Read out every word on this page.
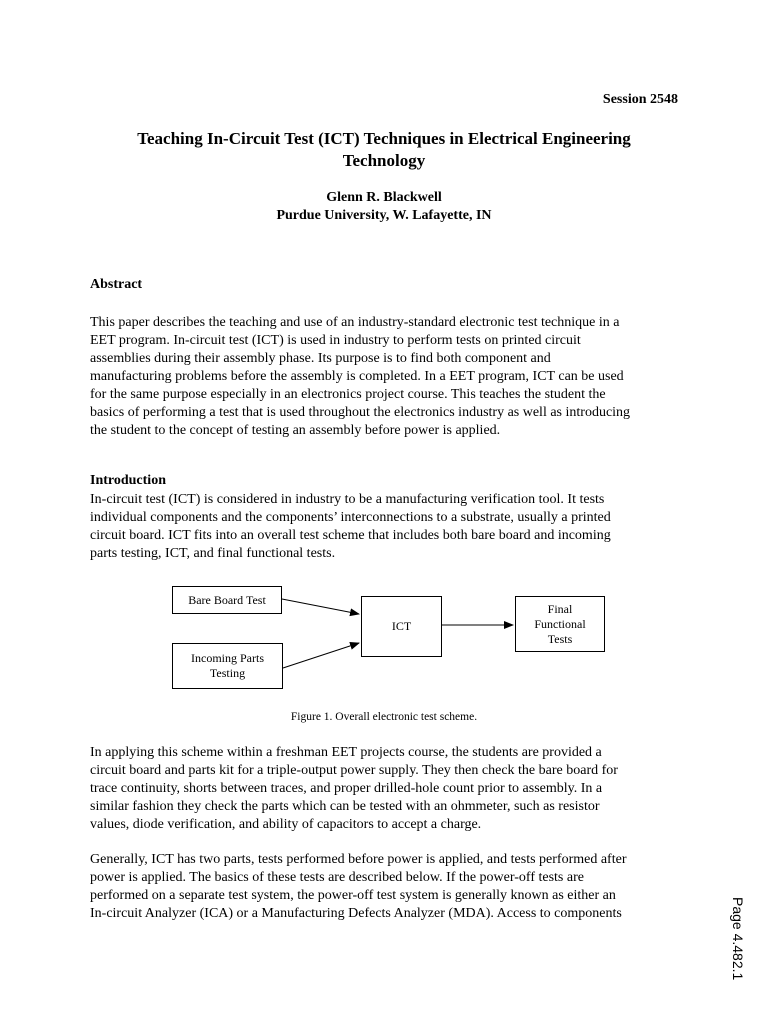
Session 2548
Teaching In-Circuit Test (ICT) Techniques in Electrical Engineering
Technology
Glenn R. Blackwell
Purdue University, W. Lafayette, IN
Abstract
This paper describes the teaching and use of an industry-standard electronic test technique in a
EET program. In-circuit test (ICT) is used in industry to perform tests on printed circuit
assemblies during their assembly phase. Its purpose is to find both component and
manufacturing problems before the assembly is completed. In a EET program, ICT can be used
for the same purpose especially in an electronics project course. This teaches the student the
basics of performing a test that is used throughout the electronics industry as well as introducing
the student to the concept of testing an assembly before power is applied.
Introduction
In-circuit test (ICT) is considered in industry to be a manufacturing verification tool. It tests
individual components and the components’ interconnections to a substrate, usually a printed
circuit board. ICT fits into an overall test scheme that includes both bare board and incoming
parts testing, ICT, and final functional tests.
Bare Board Test
Incoming Parts
Testing
ICT
Final
Functional
Tests
Figure 1. Overall electronic test scheme.
In applying this scheme within a freshman EET projects course, the students are provided a
circuit board and parts kit for a triple-output power supply. They then check the bare board for
trace continuity, shorts between traces, and proper drilled-hole count prior to assembly. In a
similar fashion they check the parts which can be tested with an ohmmeter, such as resistor
values, diode verification, and ability of capacitors to accept a charge.
Generally, ICT has two parts, tests performed before power is applied, and tests performed after
power is applied. The basics of these tests are described below. If the power-off tests are
performed on a separate test system, the power-off test system is generally known as either an
In-circuit Analyzer (ICA) or a Manufacturing Defects Analyzer (MDA). Access to components	Page 4.482.1
